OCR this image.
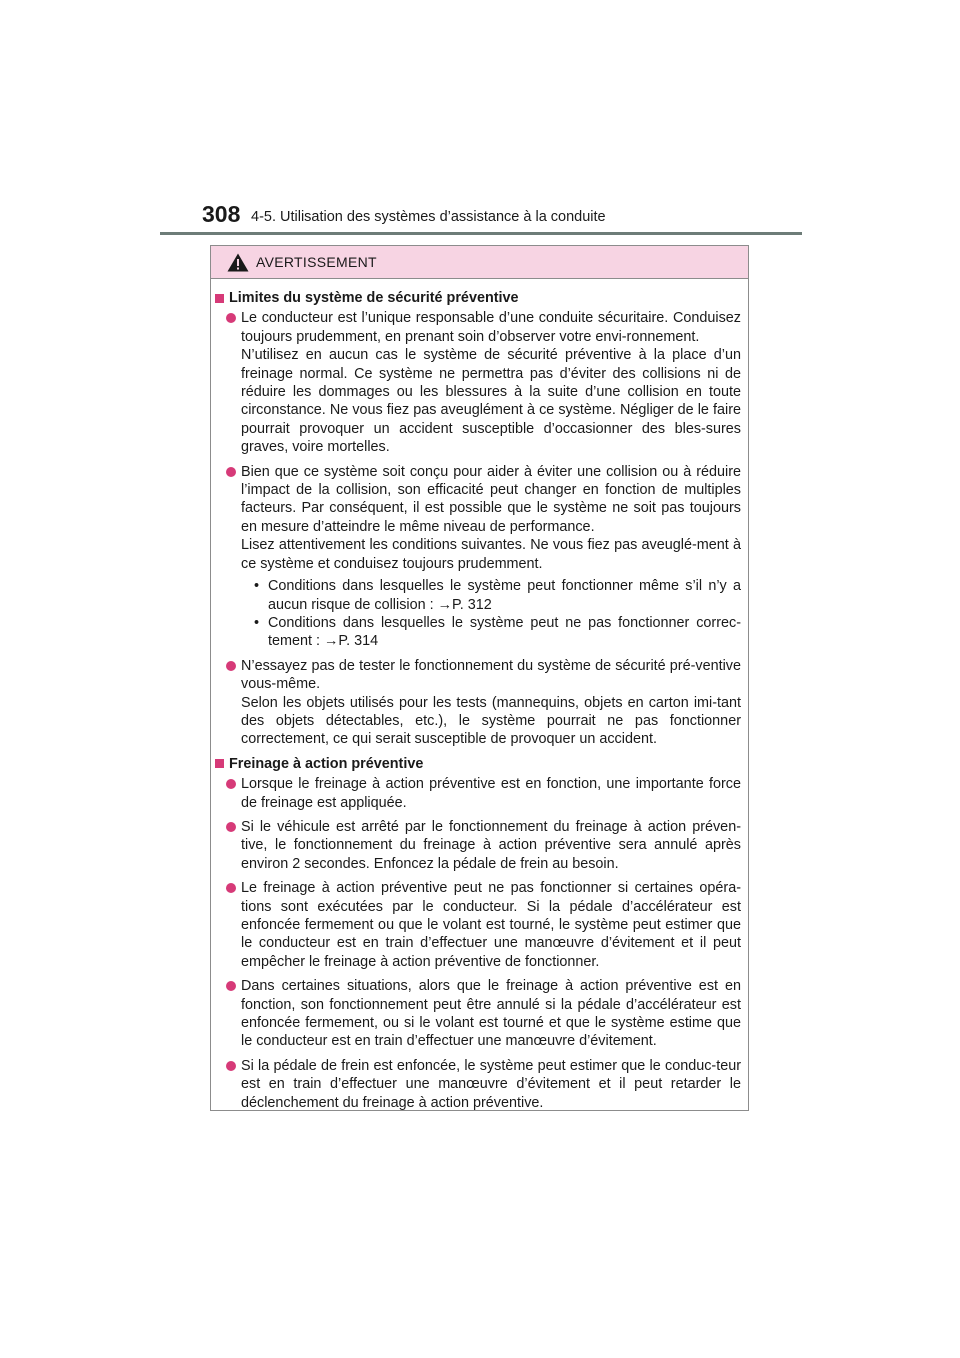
308 4-5. Utilisation des systèmes d’assistance à la conduite
AVERTISSEMENT
Limites du système de sécurité préventive
Le conducteur est l’unique responsable d’une conduite sécuritaire. Conduisez toujours prudemment, en prenant soin d’observer votre envi-ronnement.
N’utilisez en aucun cas le système de sécurité préventive à la place d’un freinage normal. Ce système ne permettra pas d’éviter des collisions ni de réduire les dommages ou les blessures à la suite d’une collision en toute circonstance. Ne vous fiez pas aveuglément à ce système. Négliger de le faire pourrait provoquer un accident susceptible d’occasionner des bles-sures graves, voire mortelles.
Bien que ce système soit conçu pour aider à éviter une collision ou à réduire l’impact de la collision, son efficacité peut changer en fonction de multiples facteurs. Par conséquent, il est possible que le système ne soit pas toujours en mesure d’atteindre le même niveau de performance.
Lisez attentivement les conditions suivantes. Ne vous fiez pas aveuglé-ment à ce système et conduisez toujours prudemment.
• Conditions dans lesquelles le système peut fonctionner même s’il n’y a aucun risque de collision : →P. 312
• Conditions dans lesquelles le système peut ne pas fonctionner correc-tement : →P. 314
N’essayez pas de tester le fonctionnement du système de sécurité pré-ventive vous-même.
Selon les objets utilisés pour les tests (mannequins, objets en carton imi-tant des objets détectables, etc.), le système pourrait ne pas fonctionner correctement, ce qui serait susceptible de provoquer un accident.
Freinage à action préventive
Lorsque le freinage à action préventive est en fonction, une importante force de freinage est appliquée.
Si le véhicule est arrêté par le fonctionnement du freinage à action préven-tive, le fonctionnement du freinage à action préventive sera annulé après environ 2 secondes. Enfoncez la pédale de frein au besoin.
Le freinage à action préventive peut ne pas fonctionner si certaines opéra-tions sont exécutées par le conducteur. Si la pédale d’accélérateur est enfoncée fermement ou que le volant est tourné, le système peut estimer que le conducteur est en train d’effectuer une manœuvre d’évitement et il peut empêcher le freinage à action préventive de fonctionner.
Dans certaines situations, alors que le freinage à action préventive est en fonction, son fonctionnement peut être annulé si la pédale d’accélérateur est enfoncée fermement, ou si le volant est tourné et que le système estime que le conducteur est en train d’effectuer une manœuvre d’évitement.
Si la pédale de frein est enfoncée, le système peut estimer que le conduc-teur est en train d’effectuer une manœuvre d’évitement et il peut retarder le déclenchement du freinage à action préventive.
